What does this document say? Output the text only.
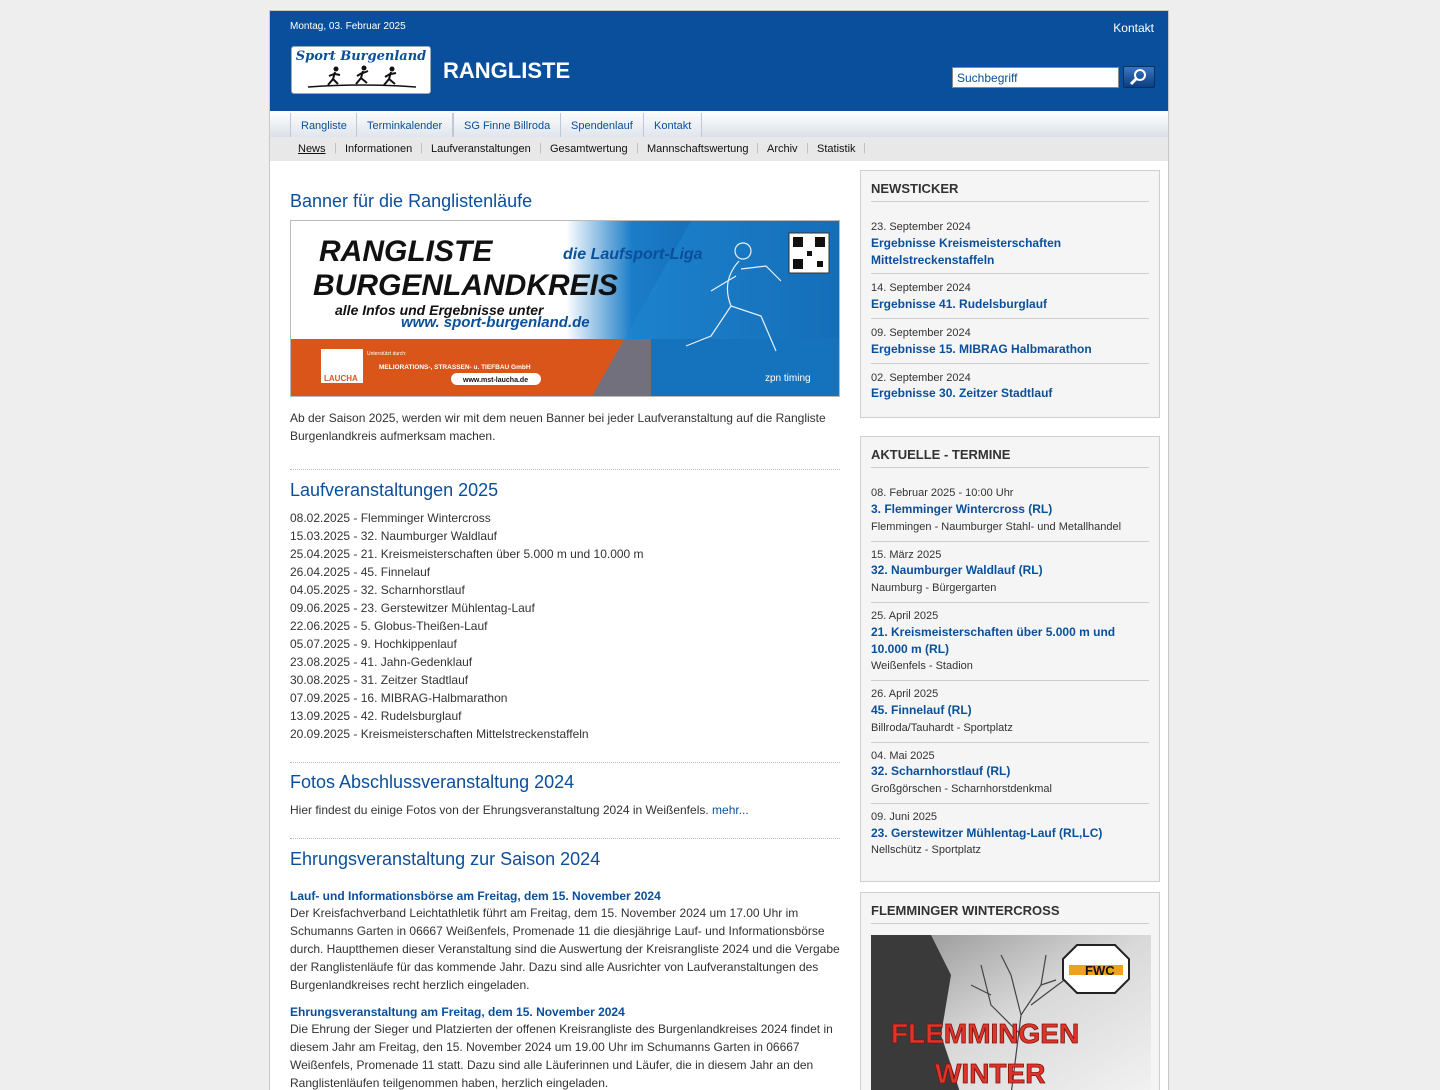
Montag, 03. Februar 2025	Kontakt
Sport Burgenland
RANGLISTE
Suchbegriff
Rangliste	Terminkalender	SG Finne Billroda	Spendenlauf	Kontakt
News | Informationen | Laufveranstaltungen | Gesamtwertung | Mannschaftswertung | Archiv | Statistik |
Banner für die Ranglistenläufe
RANGLISTE	die Laufsport-Liga
BURGENLANDKREIS
alle Infos und Ergebnisse unter
www. sport-burgenland.de
LAUCHA
Unterstützt durch:
MELIORATIONS-, STRASSEN- u. TIEFBAU GmbH
www.mst-laucha.de	zpn timing
Ab der Saison 2025, werden wir mit dem neuen Banner bei jeder Laufveranstaltung auf die Rangliste Burgenlandkreis aufmerksam machen.
Laufveranstaltungen 2025
08.02.2025 - Flemminger Wintercross
15.03.2025 - 32. Naumburger Waldlauf
25.04.2025 - 21. Kreismeisterschaften über 5.000 m und 10.000 m
26.04.2025 - 45. Finnelauf
04.05.2025 - 32. Scharnhorstlauf
09.06.2025 - 23. Gerstewitzer Mühlentag-Lauf
22.06.2025 - 5. Globus-Theißen-Lauf
05.07.2025 - 9. Hochkippenlauf
23.08.2025 - 41. Jahn-Gedenklauf
30.08.2025 - 31. Zeitzer Stadtlauf
07.09.2025 - 16. MIBRAG-Halbmarathon
13.09.2025 - 42. Rudelsburglauf
20.09.2025 - Kreismeisterschaften Mittelstreckenstaffeln
Fotos Abschlussveranstaltung 2024
Hier findest du einige Fotos von der Ehrungsveranstaltung 2024 in Weißenfels. mehr...
Ehrungsveranstaltung zur Saison 2024
Lauf- und Informationsbörse am Freitag, dem 15. November 2024
Der Kreisfachverband Leichtathletik führt am Freitag, dem 15. November 2024 um 17.00 Uhr im Schumanns Garten in 06667 Weißenfels, Promenade 11 die diesjährige Lauf- und Informationsbörse durch. Hauptthemen dieser Veranstaltung sind die Auswertung der Kreisrangliste 2024 und die Vergabe der Ranglistenläufe für das kommende Jahr. Dazu sind alle Ausrichter von Laufveranstaltungen des Burgenlandkreises recht herzlich eingeladen.
Ehrungsveranstaltung am Freitag, dem 15. November 2024
Die Ehrung der Sieger und Platzierten der offenen Kreisrangliste des Burgenlandkreises 2024 findet in diesem Jahr am Freitag, den 15. November 2024 um 19.00 Uhr im Schumanns Garten in 06667 Weißenfels, Promenade 11 statt. Dazu sind alle Läuferinnen und Läufer, die in diesem Jahr an den Ranglistenläufen teilgenommen haben, herzlich eingeladen.
NEWSTICKER
23. September 2024
Ergebnisse Kreismeisterschaften Mittelstreckenstaffeln
14. September 2024
Ergebnisse 41. Rudelsburglauf
09. September 2024
Ergebnisse 15. MIBRAG Halbmarathon
02. September 2024
Ergebnisse 30. Zeitzer Stadtlauf
AKTUELLE - TERMINE
08. Februar 2025 - 10:00 Uhr
3. Flemminger Wintercross (RL)
Flemmingen - Naumburger Stahl- und Metallhandel
15. März 2025
32. Naumburger Waldlauf (RL)
Naumburg - Bürgergarten
25. April 2025
21. Kreismeisterschaften über 5.000 m und 10.000 m (RL)
Weißenfels - Stadion
26. April 2025
45. Finnelauf (RL)
Billroda/Tauhardt - Sportplatz
04. Mai 2025
32. Scharnhorstlauf (RL)
Großgörschen - Scharnhorstdenkmal
09. Juni 2025
23. Gerstewitzer Mühlentag-Lauf (RL,LC)
Nellschütz - Sportplatz
FLEMMINGER WINTERCROSS
FWC
FLEMMINGEN
WINTER
